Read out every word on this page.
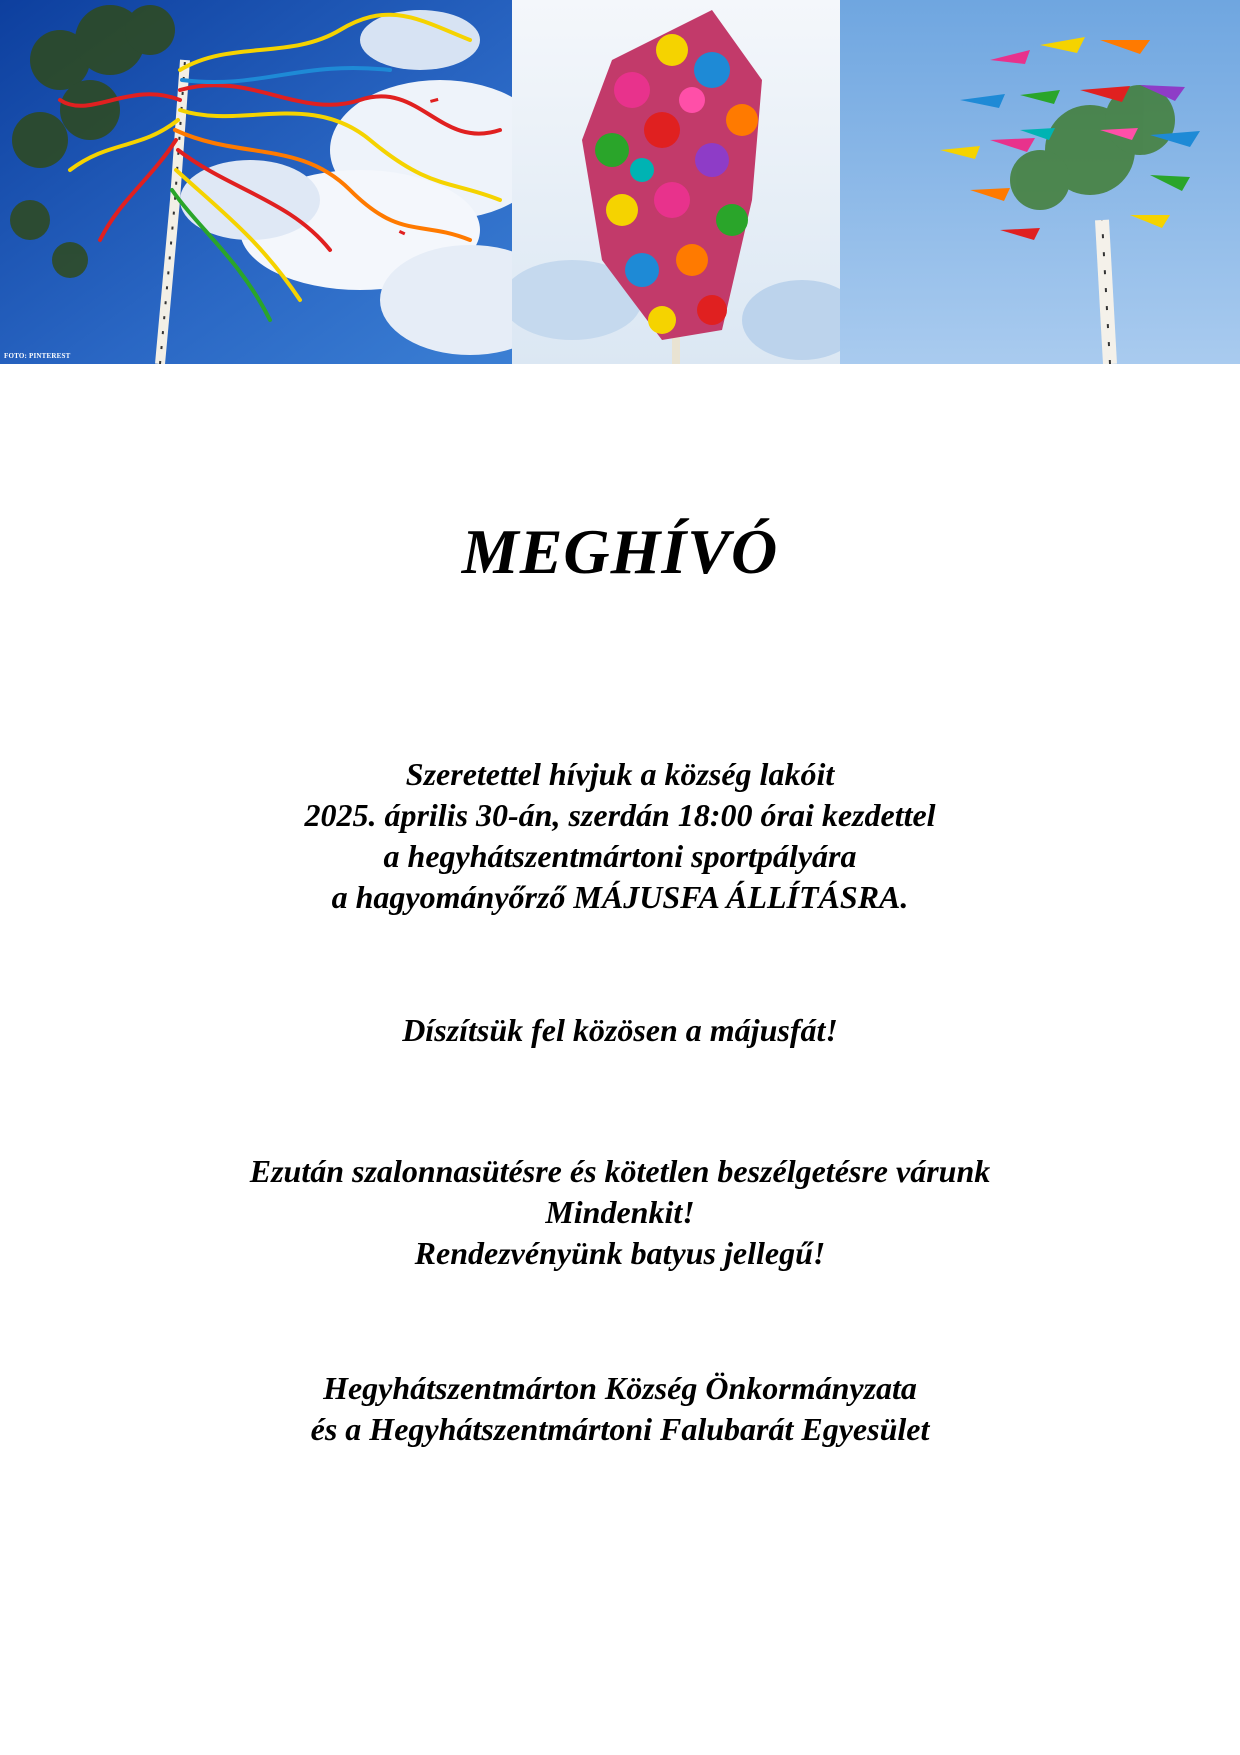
FOTO: PINTEREST
MEGHÍVÓ

Szeretettel hívjuk a község lakóit

2025. április 30-án, szerdán 18:00 órai kezdettel

a hegyhátszentmártoni sportpályára

a hagyományőrző MÁJUSFA ÁLLÍTÁSRA.

Díszítsük fel közösen a májusfát!

Ezután szalonnasütésre és kötetlen beszélgetésre várunk

Mindenkit!

Rendezvényünk batyus jellegű!

Hegyhátszentmárton Község Önkormányzata

és a Hegyhátszentmártoni Falubarát Egyesület
